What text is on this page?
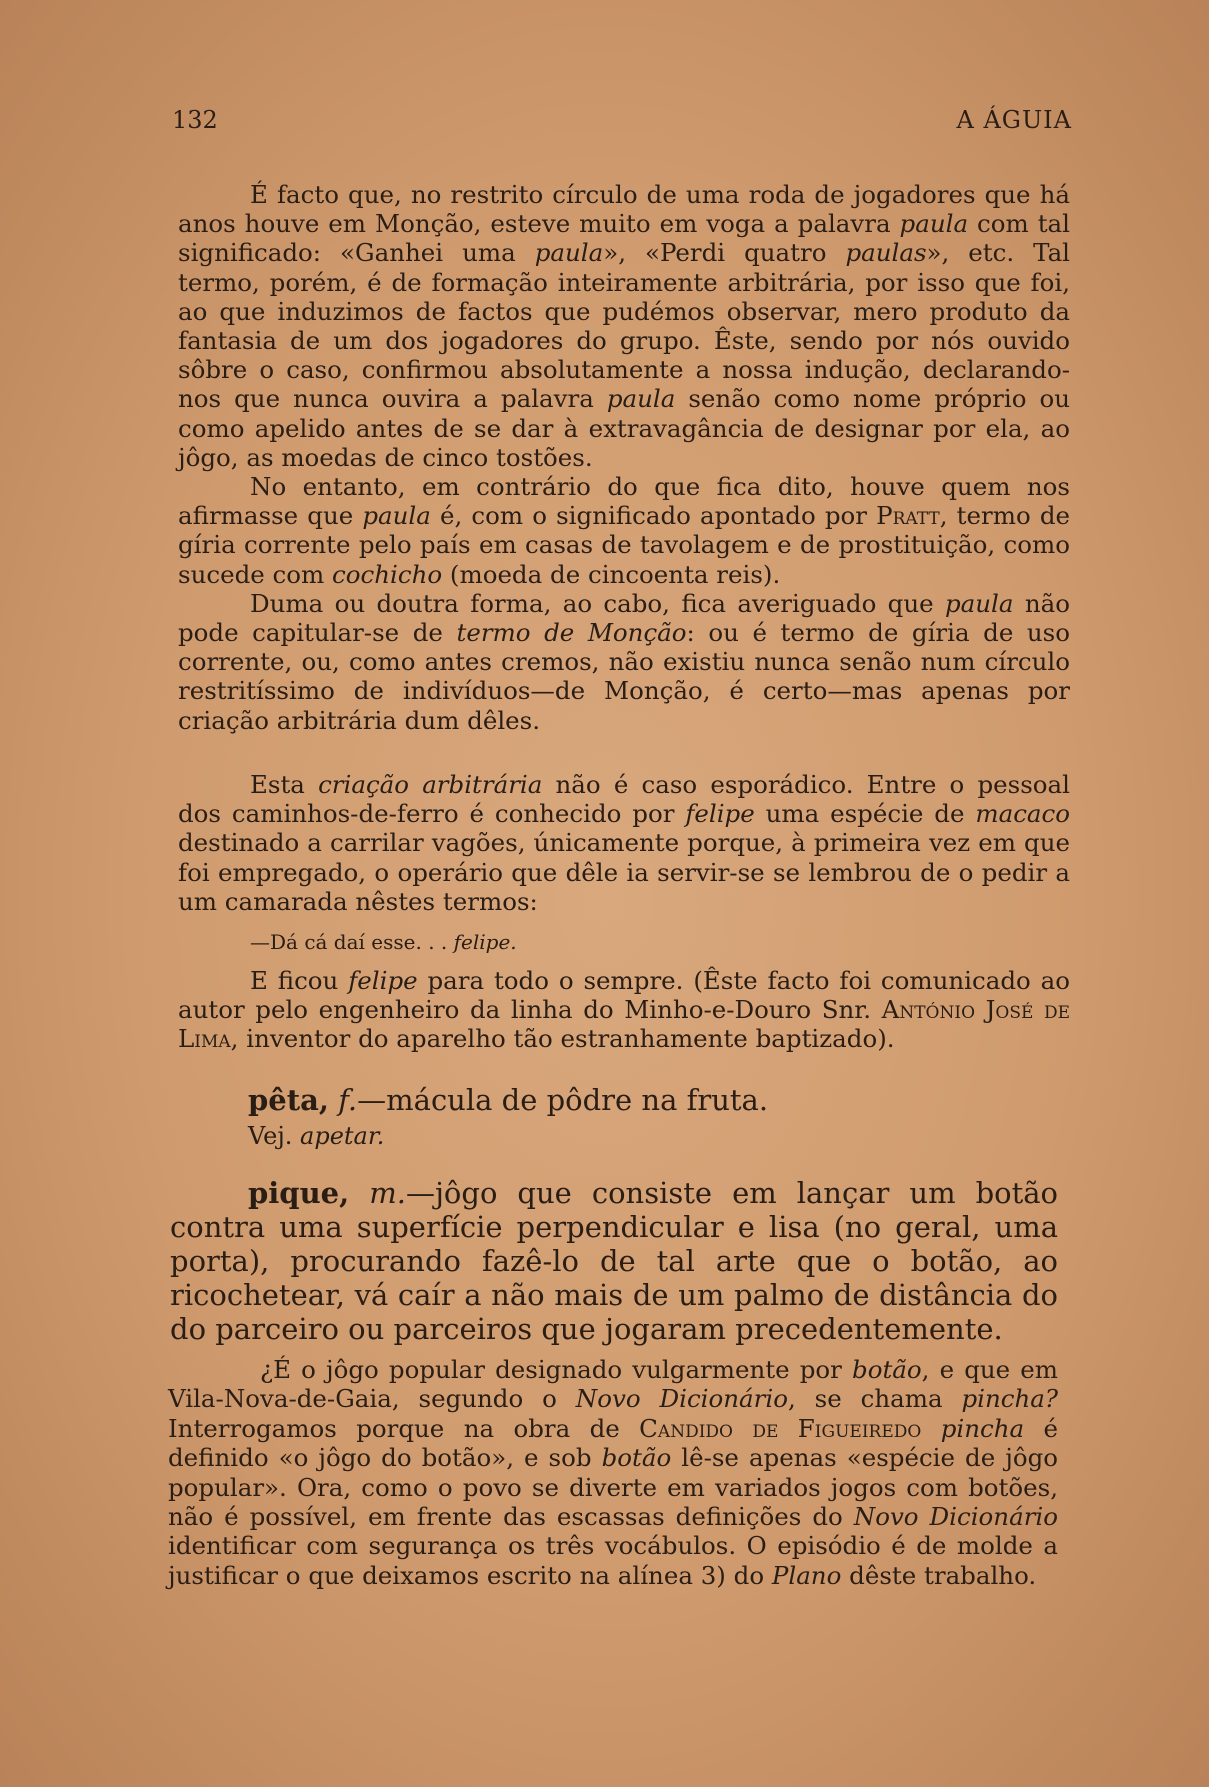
132	A ÁGUIA

É facto que, no restrito círculo de uma roda de jogadores que há anos houve em Monção, esteve muito em voga a palavra paula com tal significado: «Ganhei uma paula», «Perdi quatro paulas», etc. Tal termo, porém, é de formação inteiramente arbitrária, por isso que foi, ao que induzimos de factos que pudémos observar, mero produto da fantasia de um dos jogadores do grupo. Êste, sendo por nós ouvido sôbre o caso, confirmou absolutamente a nossa indução, declarando-nos que nunca ouvira a palavra paula senão como nome próprio ou como apelido antes de se dar à extravagância de designar por ela, ao jôgo, as moedas de cinco tostões.

No entanto, em contrário do que fica dito, houve quem nos afirmasse que paula é, com o significado apontado por Pratt, termo de gíria corrente pelo país em casas de tavolagem e de prostituição, como sucede com cochicho (moeda de cincoenta reis).

Duma ou doutra forma, ao cabo, fica averiguado que paula não pode capitular-se de termo de Monção: ou é termo de gíria de uso corrente, ou, como antes cremos, não existiu nunca senão num círculo restritíssimo de indivíduos—de Monção, é certo—mas apenas por criação arbitrária dum dêles.

Esta criação arbitrária não é caso esporádico. Entre o pessoal dos caminhos-de-ferro é conhecido por felipe uma espécie de macaco destinado a carrilar vagões, únicamente porque, à primeira vez em que foi empregado, o operário que dêle ia servir-se se lembrou de o pedir a um camarada nêstes termos:

—Dá cá daí esse. . . felipe.

E ficou felipe para todo o sempre. (Êste facto foi comunicado ao autor pelo engenheiro da linha do Minho-e-Douro Snr. António José de Lima, inventor do aparelho tão estranhamente baptizado).

pêta, f.—mácula de pôdre na fruta.
Vej. apetar.

pique, m.—jôgo que consiste em lançar um botão contra uma superfície perpendicular e lisa (no geral, uma porta), procurando fazê-lo de tal arte que o botão, ao ricochetear, vá caír a não mais de um palmo de distância do do parceiro ou parceiros que jogaram precedentemente.

¿É o jôgo popular designado vulgarmente por botão, e que em Vila-Nova-de-Gaia, segundo o Novo Dicionário, se chama pincha? Interrogamos porque na obra de Candido de Figueiredo pincha é definido «o jôgo do botão», e sob botão lê-se apenas «espécie de jôgo popular». Ora, como o povo se diverte em variados jogos com botões, não é possível, em frente das escassas definições do Novo Dicionário identificar com segurança os três vocábulos. O episódio é de molde a justificar o que deixamos escrito na alínea 3) do Plano dêste trabalho.
